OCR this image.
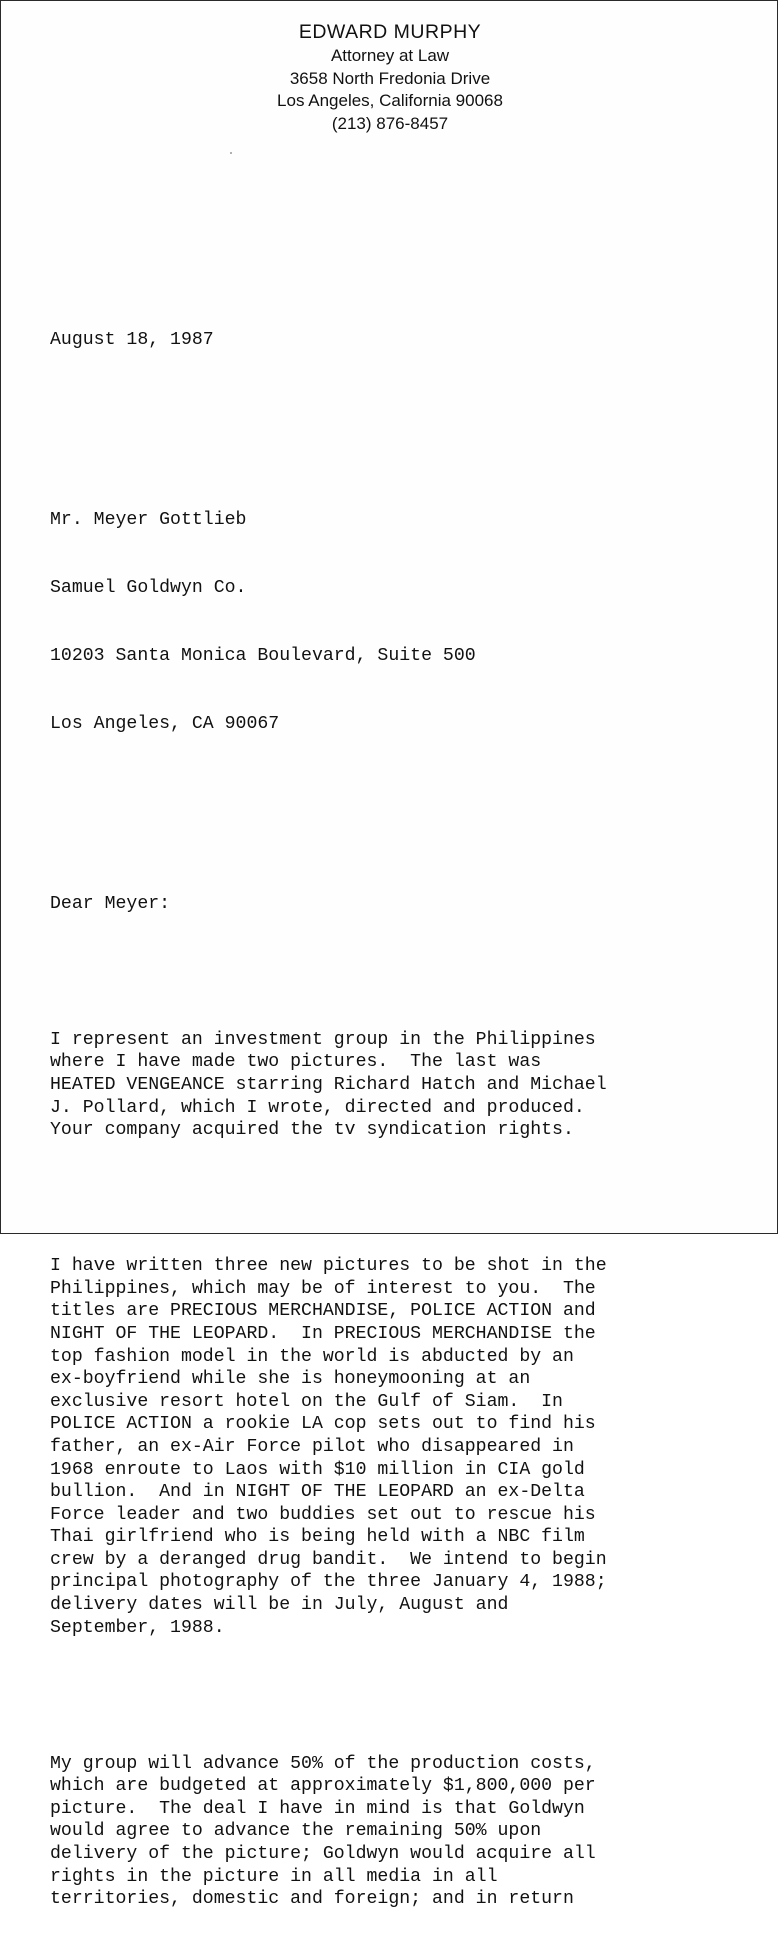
EDWARD MURPHY
Attorney at Law
3658 North Fredonia Drive
Los Angeles, California 90068
(213) 876-8457

August 18, 1987

Mr. Meyer Gottlieb

Samuel Goldwyn Co.

10203 Santa Monica Boulevard, Suite 500

Los Angeles, CA 90067

Dear Meyer:

I represent an investment group in the Philippines
where I have made two pictures.  The last was
HEATED VENGEANCE starring Richard Hatch and Michael
J. Pollard, which I wrote, directed and produced.
Your company acquired the tv syndication rights.

I have written three new pictures to be shot in the
Philippines, which may be of interest to you.  The
titles are PRECIOUS MERCHANDISE, POLICE ACTION and
NIGHT OF THE LEOPARD.  In PRECIOUS MERCHANDISE the
top fashion model in the world is abducted by an
ex-boyfriend while she is honeymooning at an
exclusive resort hotel on the Gulf of Siam.  In
POLICE ACTION a rookie LA cop sets out to find his
father, an ex-Air Force pilot who disappeared in
1968 enroute to Laos with $10 million in CIA gold
bullion.  And in NIGHT OF THE LEOPARD an ex-Delta
Force leader and two buddies set out to rescue his
Thai girlfriend who is being held with a NBC film
crew by a deranged drug bandit.  We intend to begin
principal photography of the three January 4, 1988;
delivery dates will be in July, August and
September, 1988.

My group will advance 50% of the production costs,
which are budgeted at approximately $1,800,000 per
picture.  The deal I have in mind is that Goldwyn
would agree to advance the remaining 50% upon
delivery of the picture; Goldwyn would acquire all
rights in the picture in all media in all
territories, domestic and foreign; and in return
